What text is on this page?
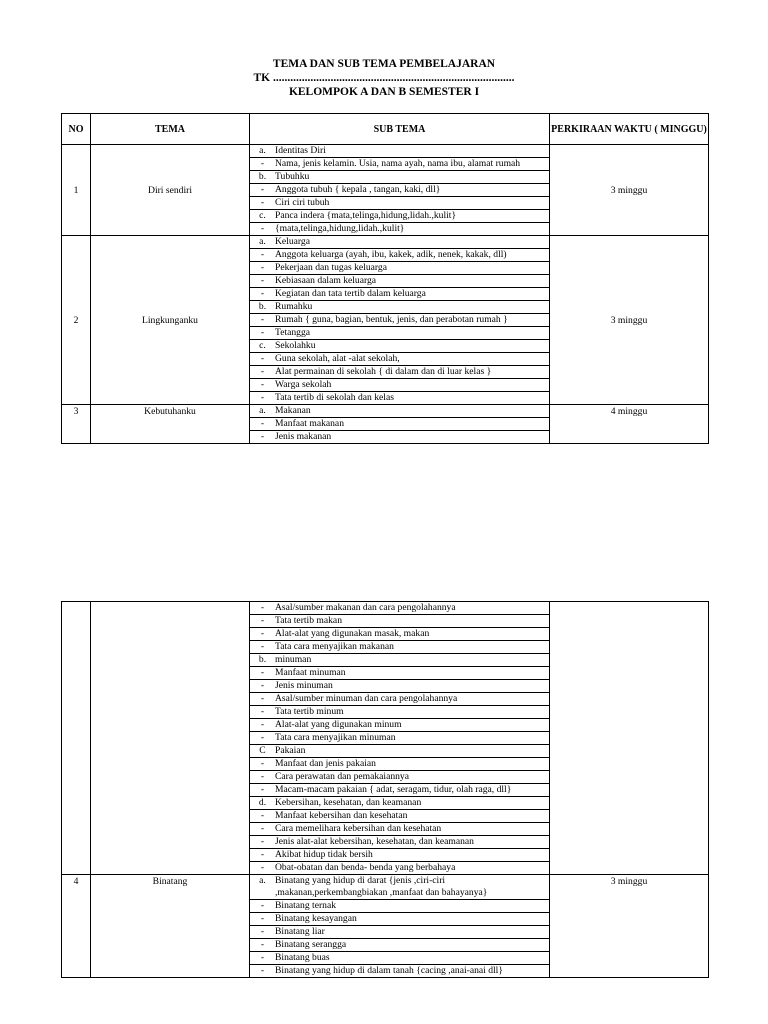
TEMA DAN SUB TEMA PEMBELAJARAN
TK ....................................................................................
KELOMPOK A DAN B SEMESTER I
NO	TEMA	SUB TEMA	PERKIRAAN WAKTU ( MINGGU)
1	Diri sendiri	a. Identitas Diri	3 minggu
		- Nama, jenis kelamin. Usia, nama ayah, nama ibu, alamat rumah	
		b. Tubuhku	
		- Anggota tubuh { kepala , tangan, kaki, dll}	
		- Ciri ciri tubuh	
		c. Panca indera {mata,telinga,hidung,lidah.,kulit}	
		- {mata,telinga,hidung,lidah.,kulit}	
2	Lingkunganku	a. Keluarga	3 minggu
		- Anggota keluarga (ayah, ibu, kakek, adik, nenek, kakak, dll)	
		- Pekerjaan dan tugas keluarga	
		- Kebiasaan dalam keluarga	
		- Kegiatan dan tata tertib dalam keluarga	
		b. Rumahku	
		- Rumah { guna, bagian, bentuk, jenis, dan perabotan rumah }	
		- Tetangga	
		c. Sekolahku	
		- Guna sekolah, alat -alat sekolah,	
		- Alat permainan di sekolah { di dalam dan di luar kelas }	
		- Warga sekolah	
		- Tata tertib di sekolah dan kelas	
3	Kebutuhanku	a. Makanan	4 minggu
		- Manfaat makanan	
		- Jenis makanan	
		- Asal/sumber makanan dan cara pengolahannya	
		- Tata tertib makan	
		- Alat-alat yang digunakan masak, makan	
		- Tata cara menyajikan makanan	
		b. minuman	
		- Manfaat minuman	
		- Jenis minuman	
		- Asal/sumber minuman dan cara pengolahannya	
		- Tata tertib minum	
		- Alat-alat yang digunakan minum	
		- Tata cara menyajikan minuman	
		C Pakaian	
		- Manfaat dan jenis pakaian	
		- Cara perawatan dan pemakaiannya	
		- Macam-macam pakaian { adat, seragam, tidur, olah raga, dll}	
		d. Kebersihan, kesehatan, dan keamanan	
		- Manfaat kebersihan dan kesehatan	
		- Cara memelihara kebersihan dan kesehatan	
		- Jenis alat-alat kebersihan, kesehatan, dan keamanan	
		- Akibat hidup tidak bersih	
		- Obat-obatan dan benda- benda yang berbahaya	
4	Binatang	a. Binatang yang hidup di darat {jenis ,ciri-ciri ,makanan,perkembangbiakan ,manfaat dan bahayanya}	3 minggu
		- Binatang ternak	
		- Binatang kesayangan	
		- Binatang liar	
		- Binatang serangga	
		- Binatang buas	
		- Binatang yang hidup di dalam tanah {cacing ,anai-anai dll}	
